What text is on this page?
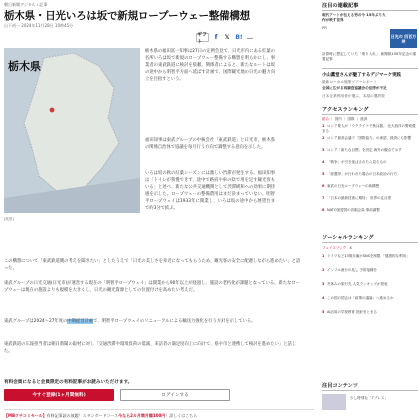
朝日新聞デジタル›記事
栃木県・日光いろは坂で新規ロープーウェー整備構想
山下裕一 2024年11月28日 10時45分
ギフト
f	𝕏 B! …
栃木県
[地図]

栃木県の福田富一知事は27日の定例会見で、日光市内にある紅葉の名所いろは坂で新規のロープウェー整備する構想を明らかにし、事業者の東武鉄道に検討を依頼。関係者によると、新たなルートは坂の途中から明智平方面へ延ばす計画で、国際観光地の日光の魅力向上を目指すという。

福田知事は東武グループの中核会社「東武鉄道」と日光市、栃木県の関係自治体で協議を毎月行う方向で調整する意向を示した。

いろは坂の秋の紅葉シーズンには激しい渋滞が発生する。福田知事は「トイレが我慢できず、途中で路肩や車の陰で用を足す観光客もいる」と述べ、新たな公共交通機関として渋滞緩和への効果に期待感を示した。ロープウェーの整備費用はまだ決まっていない。明智平ロープウェイは1933年に開業し、いろは坂の途中から展望台まで約3分で結ぶ。

この構想について「東武鉄道側の考えを聞きたい」としたうえで「日光の美しさを身近になってもらうため、観光客の安全に配慮しながら進めたい」と語った。

東武グループの日光交通(日光市)が運営する現在の「明智平ロープウェイ」は開業から90年以上が経過し、施設の老朽化が課題となっている。新たなロープウェーは現在の施設よりも規模を大きくし、日光の観光資源としての位置付けを高めたい考えだ。

東武グループは2024〜27年度の中期経営計画で、明智平ロープウェイのリニューアルによる輸送力強化を行う方針を示している。

東武鉄道の広報担当者は朝日新聞の取材に対し「交通渋滞や環境負荷の低減、来訪者の満足度向上に向けて、県や市と連携して検討を進めたい」と話した。

有料会員になると会員限定の有料記事がお読みいただけます。
今すぐ登録(1ヶ月間無料)	ログインする
【MBクチコミセール】有料記事読み放題！スタンダードコース今なら2カ月間月額100円！詳しくはこちら
注目の連載記事
現代アートが伝える男の今 15年ぶり大作が映す世界
PR
日光の 四百万坪
計算時に想定していた「乗り入れ」 新聞紙100年記念の重要記事
小山薫堂さんが魅了するデジマーケ実践
最新ローカル施策ツアーレポート
全国に広がる再調査協議会の法律が不足
日本企業利用者が選ぶ、本屋の選択肢
アクセスランキング
総合 ｜ 国内 ｜ 国際 ｜ 経済
1 ロシア要人が「ウクライナで核兵器」 北大西洋の警戒強まる
2 ロシア最高会議で「国際協力」の承認、経済にも影響
3 ロシア「新たな目標」を設定 海外の観点で示す
4 「戦争」が引き延ばされたら見るもの
5 「総選挙」が行われた場合の日本政治の行方
6 東武の日光ロープウェーの新構想
7 「日本の最新技術に期待」 世界の注目度
8 NATO加盟国の首脳会談 事前調整
ソーシャルランキング
フェイスブック　 X
1 ドイツなど13歳未満がSNSを制限 「健康的な利用」
2 インフル流行の兆し 予防接種を
3 冬休みの旅行先 人気ランキングが発表
4 この国の国会は「政策の議論」へ進めるか
5 AI活用の学校教育 指針まとまる
注目コンテンツ
少し特別な「7ブレス」
